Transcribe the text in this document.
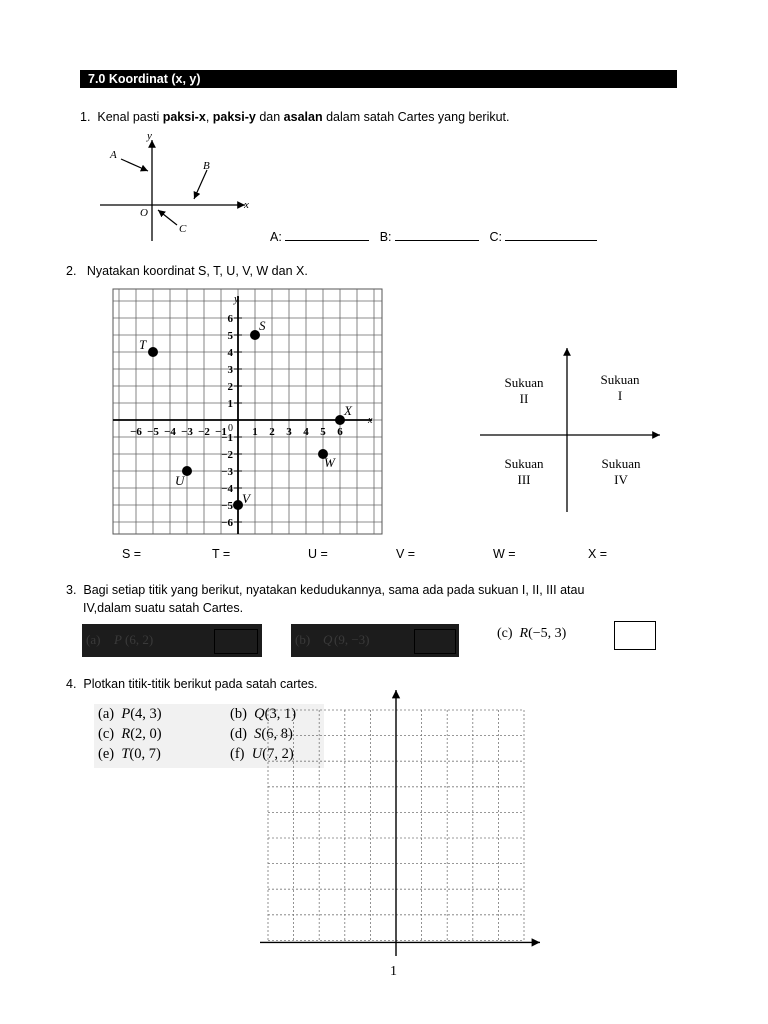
7.0 Koordinat (x, y)
1. Kenal pasti paksi-x, paksi-y dan asalan dalam satah Cartes yang berikut.
y
x
O
A
B
C
A:	B:	C:
2. Nyatakan koordinat S, T, U, V, W dan X.
x
y
0
−6 −5 −4 −3 −2 −1 1 2 3 4 5 6
6
5
4
3
2
1
−1
−2
−3
−4
−5
−6
S
T
U
V
W
X
Sukuan
I
Sukuan
II
Sukuan
III
Sukuan
IV
S =	T =	U =	V =	W =	X =
3. Bagi setiap titik yang berikut, nyatakan kedudukannya, sama ada pada sukuan I, II, III atau
IV,dalam suatu satah Cartes.
(a) P (6, 2)	(b) Q (9, −3)	(c) R(−5, 3)
4. Plotkan titik-titik berikut pada satah cartes.
(a) P(4, 3)	(b) Q(3, 1)
(c) R(2, 0)	(d) S(6, 8)
(e) T(0, 7)	(f) U(7, 2)
1
